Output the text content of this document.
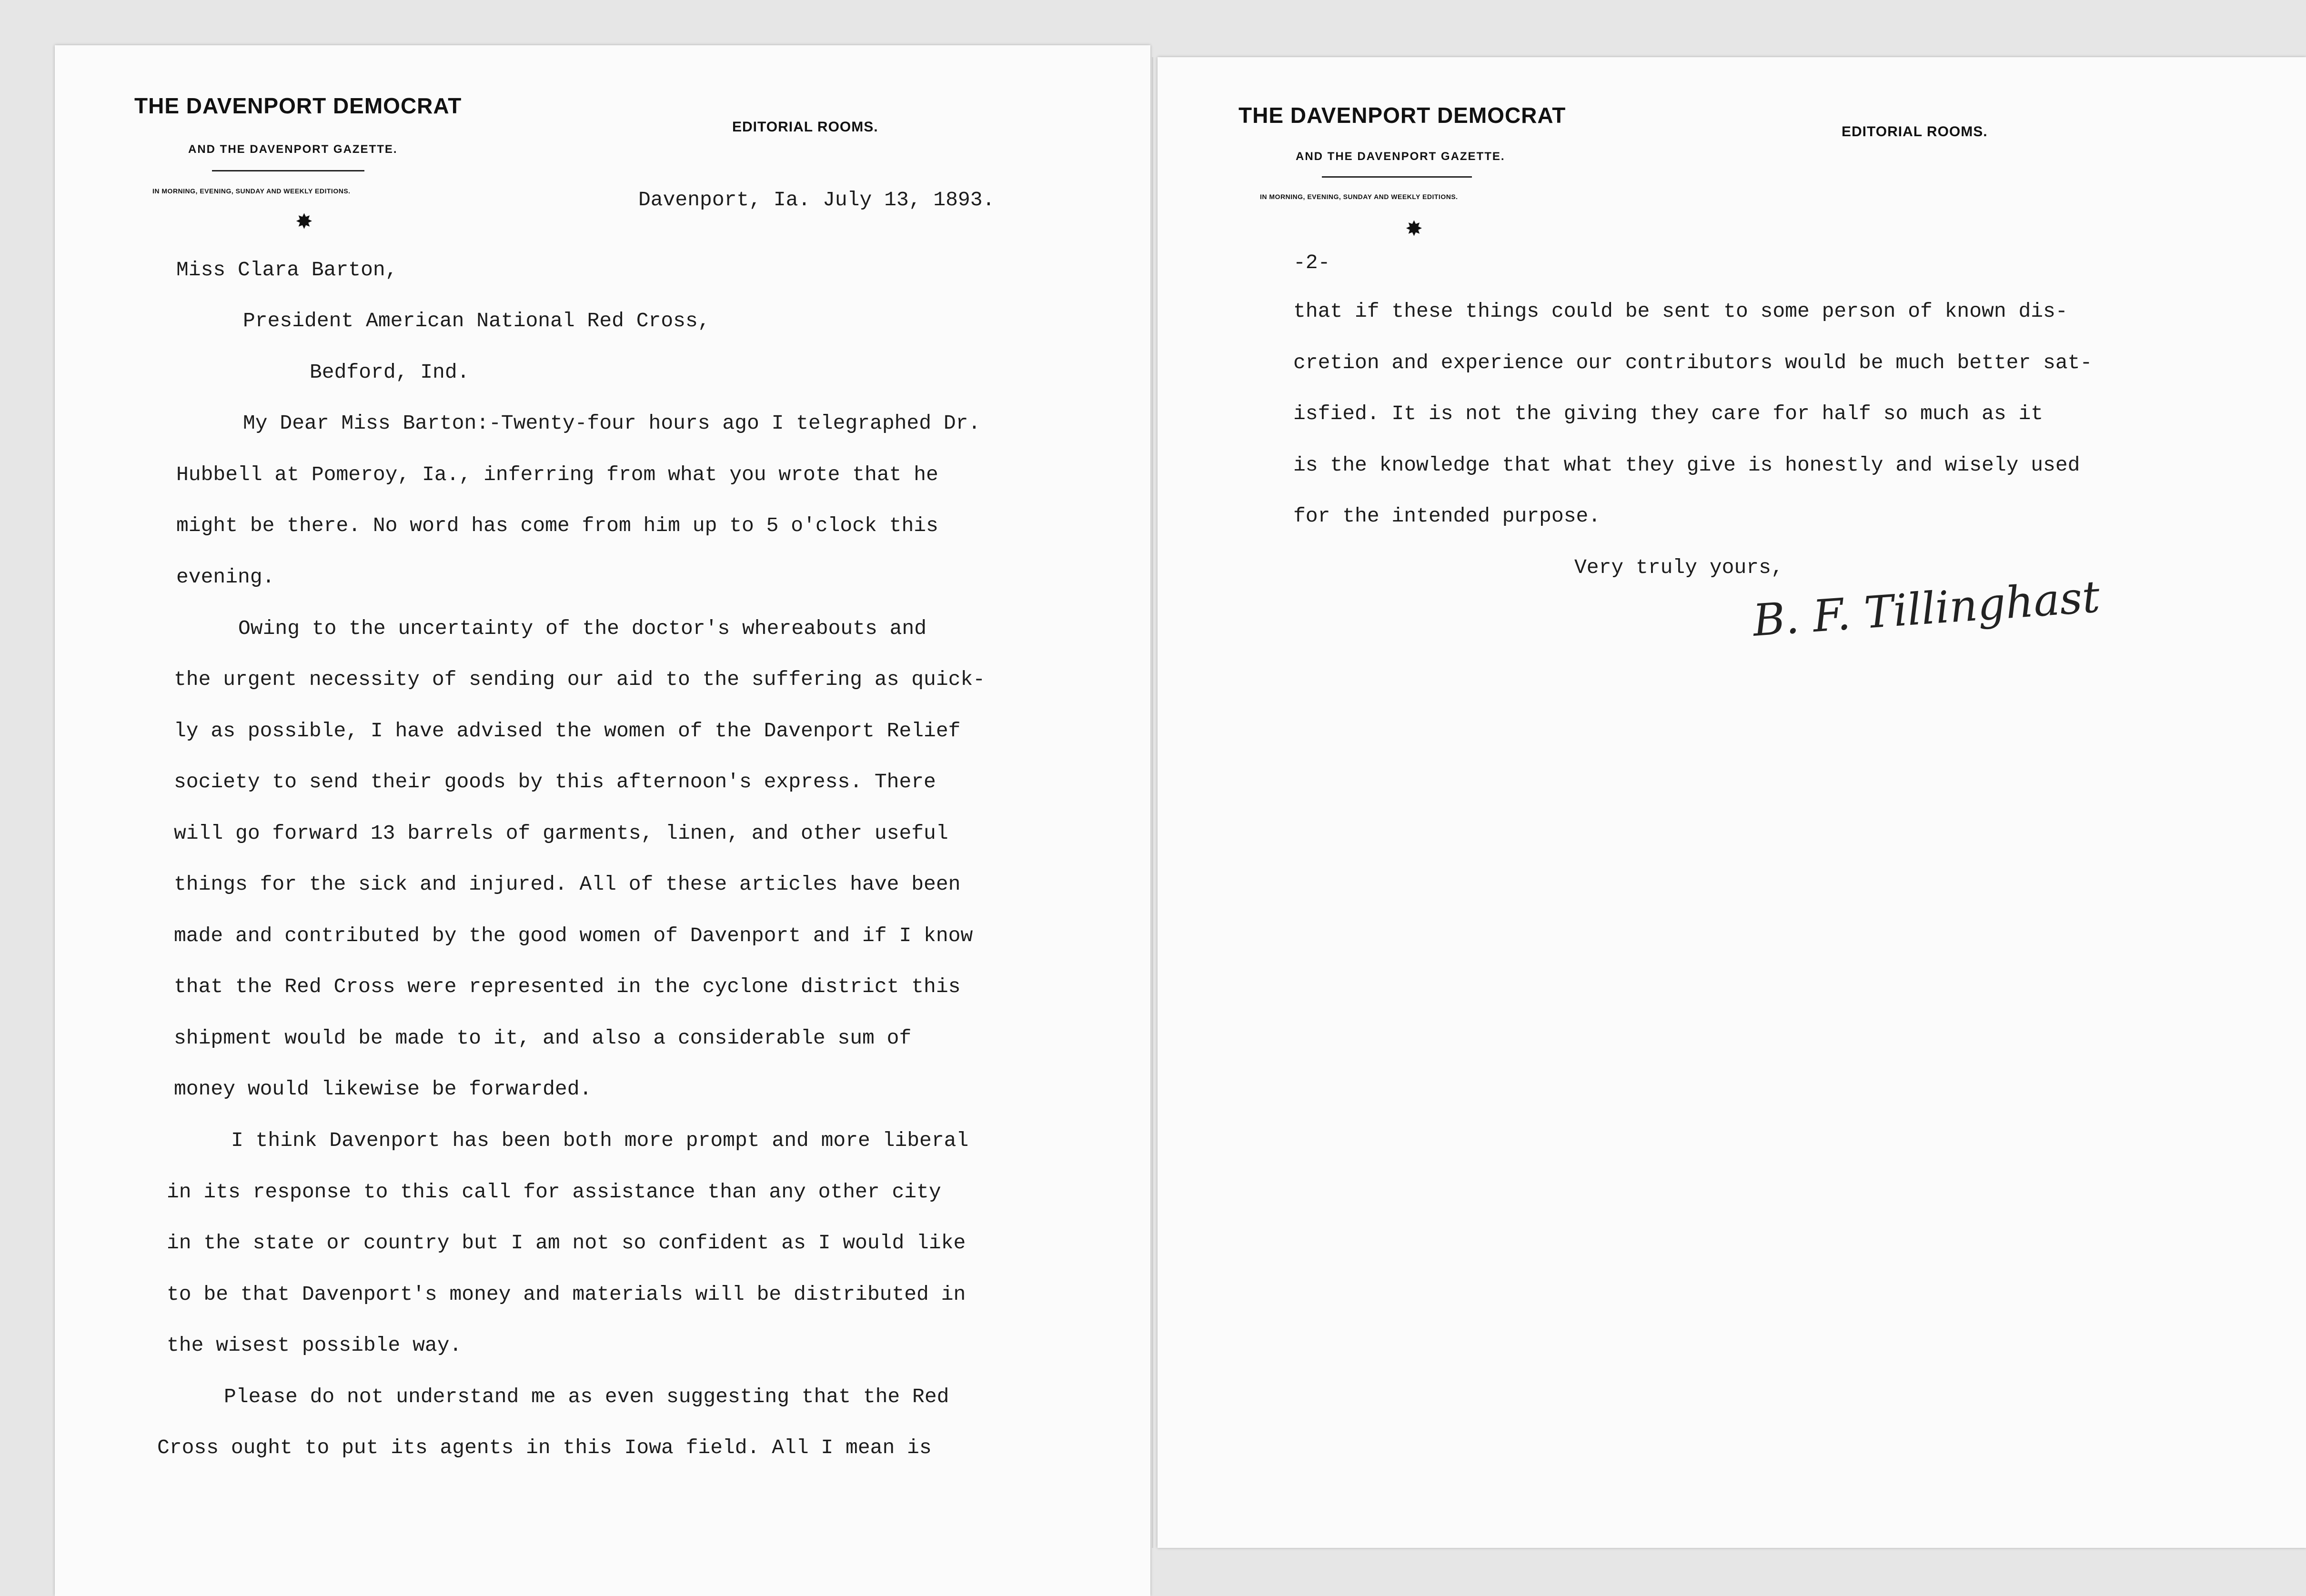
THE DAVENPORT DEMOCRAT
AND THE DAVENPORT GAZETTE.
IN MORNING, EVENING, SUNDAY AND WEEKLY EDITIONS.
EDITORIAL ROOMS.
✸
Davenport, Ia. July 13, 1893.
Miss Clara Barton,
President American National Red Cross,
Bedford, Ind.
My Dear Miss Barton:-Twenty-four hours ago I telegraphed Dr.
Hubbell at Pomeroy, Ia., inferring from what you wrote that he
might be there. No word has come from him up to 5 o'clock this
evening.
Owing to the uncertainty of the doctor's whereabouts and
the urgent necessity of sending our aid to the suffering as quick-
ly as possible, I have advised the women of the Davenport Relief
society to send their goods by this afternoon's express. There
will go forward 13 barrels of garments, linen, and other useful
things for the sick and injured. All of these articles have been
made and contributed by the good women of Davenport and if I know
that the Red Cross were represented in the cyclone district this
shipment would be made to it, and also a considerable sum of
money would likewise be forwarded.
I think Davenport has been both more prompt and more liberal
in its response to this call for assistance than any other city
in the state or country but I am not so confident as I would like
to be that Davenport's money and materials will be distributed in
the wisest possible way.
Please do not understand me as even suggesting that the Red
Cross ought to put its agents in this Iowa field. All I mean is
THE DAVENPORT DEMOCRAT
AND THE DAVENPORT GAZETTE.
IN MORNING, EVENING, SUNDAY AND WEEKLY EDITIONS.
EDITORIAL ROOMS.
✸
-2-
that if these things could be sent to some person of known dis-
cretion and experience our contributors would be much better sat-
isfied. It is not the giving they care for half so much as it
is the knowledge that what they give is honestly and wisely used
for the intended purpose.
Very truly yours,
B. F. Tillinghast
